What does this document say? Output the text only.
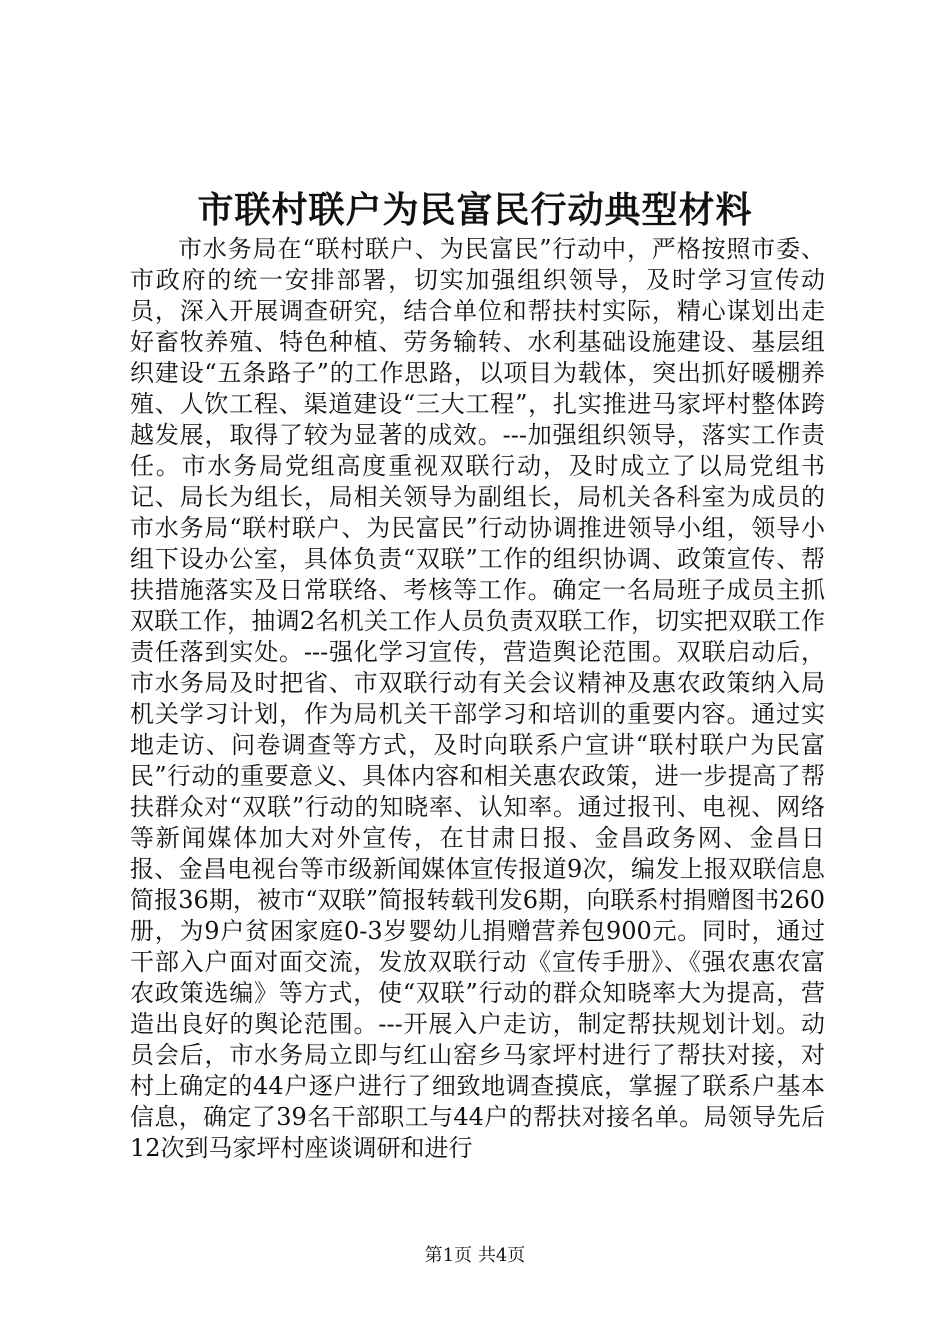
市联村联户为民富民行动典型材料

市水务局在“联村联户、为民富民”行动中，严格按照市委、市政府的统一安排部署，切实加强组织领导，及时学习宣传动员，深入开展调查研究，结合单位和帮扶村实际，精心谋划出走好畜牧养殖、特色种植、劳务输转、水利基础设施建设、基层组织建设“五条路子”的工作思路，以项目为载体，突出抓好暖棚养殖、人饮工程、渠道建设“三大工程”，扎实推进马家坪村整体跨越发展，取得了较为显著的成效。---加强组织领导，落实工作责任。市水务局党组高度重视双联行动，及时成立了以局党组书记、局长为组长，局相关领导为副组长，局机关各科室为成员的市水务局“联村联户、为民富民”行动协调推进领导小组，领导小组下设办公室，具体负责“双联”工作的组织协调、政策宣传、帮扶措施落实及日常联络、考核等工作。确定一名局班子成员主抓双联工作，抽调2名机关工作人员负责双联工作，切实把双联工作责任落到实处。---强化学习宣传，营造舆论范围。双联启动后，市水务局及时把省、市双联行动有关会议精神及惠农政策纳入局机关学习计划，作为局机关干部学习和培训的重要内容。通过实地走访、问卷调查等方式，及时向联系户宣讲“联村联户为民富民”行动的重要意义、具体内容和相关惠农政策，进一步提高了帮扶群众对“双联”行动的知晓率、认知率。通过报刊、电视、网络等新闻媒体加大对外宣传，在甘肃日报、金昌政务网、金昌日报、金昌电视台等市级新闻媒体宣传报道9次，编发上报双联信息简报36期，被市“双联”简报转载刊发6期，向联系村捐赠图书260册，为9户贫困家庭0-3岁婴幼儿捐赠营养包900元。同时，通过干部入户面对面交流，发放双联行动《宣传手册》、《强农惠农富农政策选编》等方式，使“双联”行动的群众知晓率大为提高，营造出良好的舆论范围。---开展入户走访，制定帮扶规划计划。动员会后，市水务局立即与红山窑乡马家坪村进行了帮扶对接，对村上确定的44户逐户进行了细致地调查摸底，掌握了联系户基本信息，确定了39名干部职工与44户的帮扶对接名单。局领导先后12次到马家坪村座谈调研和进行

第1页 共4页
